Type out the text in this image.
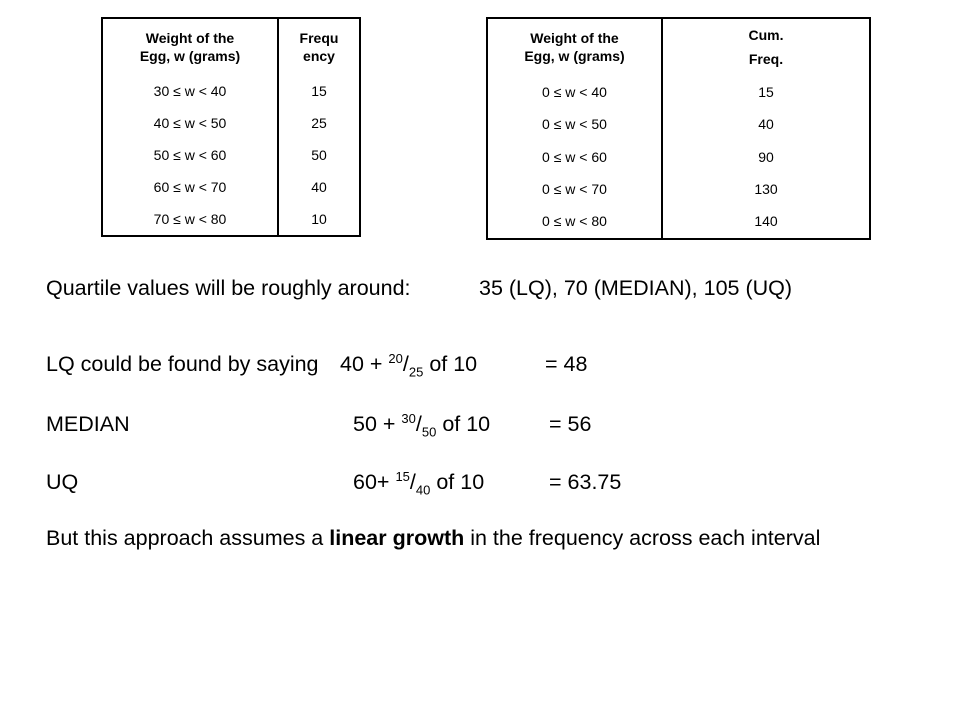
Weight of the
Egg, w (grams)	Frequ
ency
30 ≤ w < 40	15
40 ≤ w < 50	25
50 ≤ w < 60	50
60 ≤ w < 70	40
70 ≤ w < 80	10
Weight of the
Egg, w (grams)	Cum.
Freq.

0 ≤ w < 40	15
0 ≤ w < 50	40
0 ≤ w < 60	90
0 ≤ w < 70	130
0 ≤ w < 80	140
Quartile values will be roughly around:	35 (LQ), 70 (MEDIAN), 105 (UQ)
LQ could be found by saying $40 + ^{20}/_{25}$ of 10	= 48
MEDIAN	$50 + ^{30}/_{50}$ of 10	= 56
UQ	$60+ ^{15}/_{40}$ of 10	= 63.75
But this approach assumes a linear growth in the frequency across each interval
